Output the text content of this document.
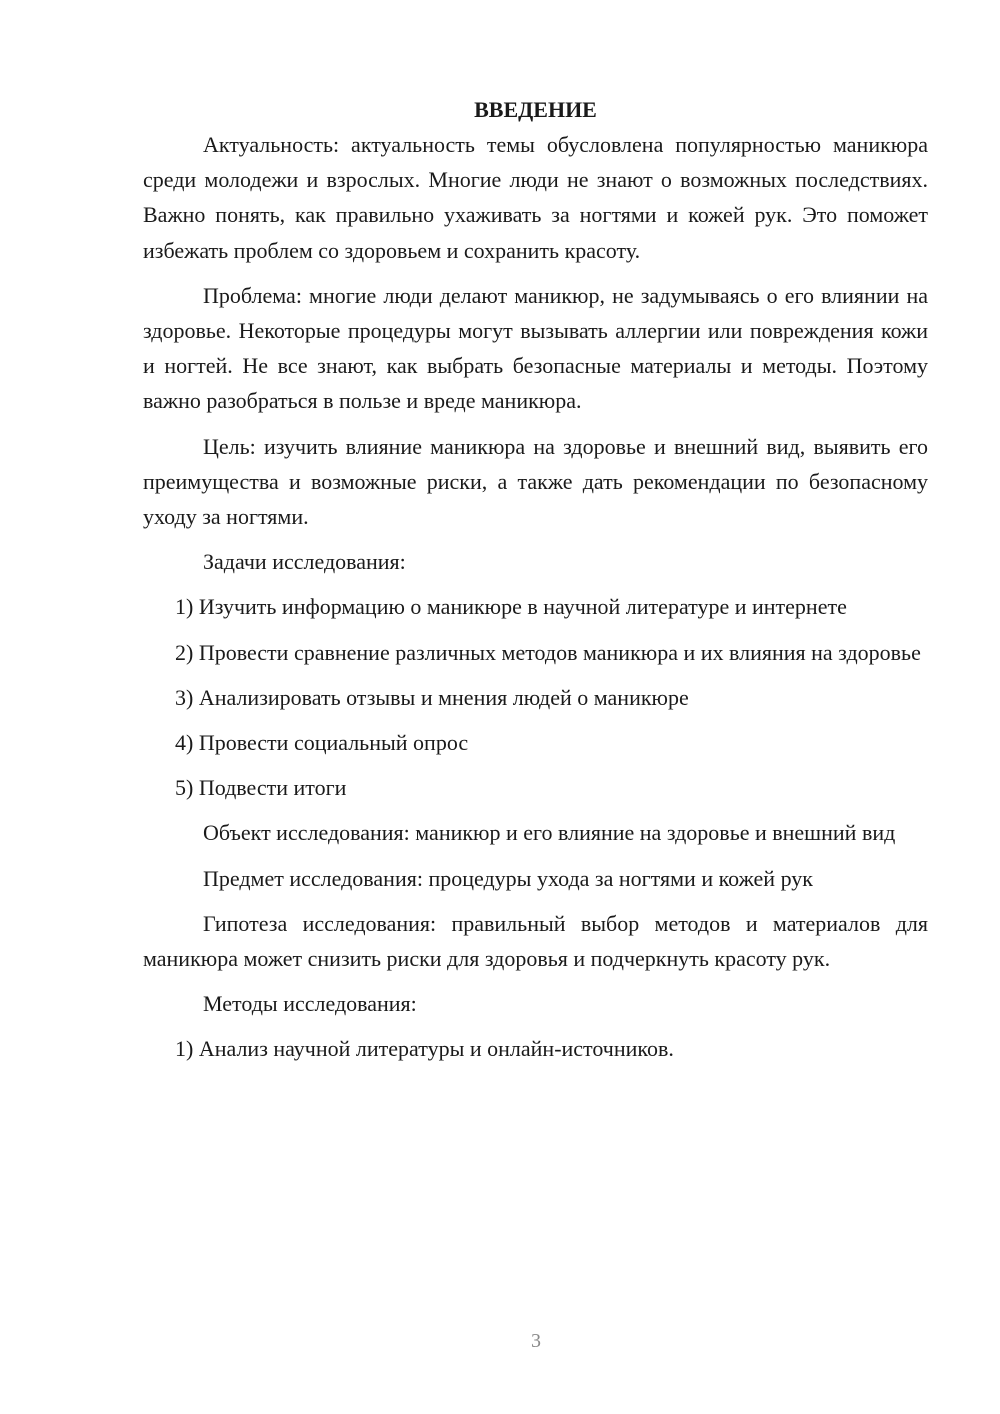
ВВЕДЕНИЕ

Актуальность: актуальность темы обусловлена популярностью маникюра среди молодежи и взрослых. Многие люди не знают о возможных последствиях. Важно понять, как правильно ухаживать за ногтями и кожей рук. Это поможет избежать проблем со здоровьем и сохранить красоту.

Проблема: многие люди делают маникюр, не задумываясь о его влиянии на здоровье. Некоторые процедуры могут вызывать аллергии или повреждения кожи и ногтей. Не все знают, как выбрать безопасные материалы и методы. Поэтому важно разобраться в пользе и вреде маникюра.

Цель: изучить влияние маникюра на здоровье и внешний вид, выявить его преимущества и возможные риски, а также дать рекомендации по безопасному уходу за ногтями.

Задачи исследования:

1) Изучить информацию о маникюре в научной литературе и интернете

2) Провести сравнение различных методов маникюра и их влияния на здоровье

3) Анализировать отзывы и мнения людей о маникюре

4) Провести социальный опрос

5) Подвести итоги

Объект исследования: маникюр и его влияние на здоровье и внешний вид

Предмет исследования: процедуры ухода за ногтями и кожей рук

Гипотеза исследования: правильный выбор методов и материалов для маникюра может снизить риски для здоровья и подчеркнуть красоту рук.

Методы исследования:

1) Анализ научной литературы и онлайн-источников.

3
